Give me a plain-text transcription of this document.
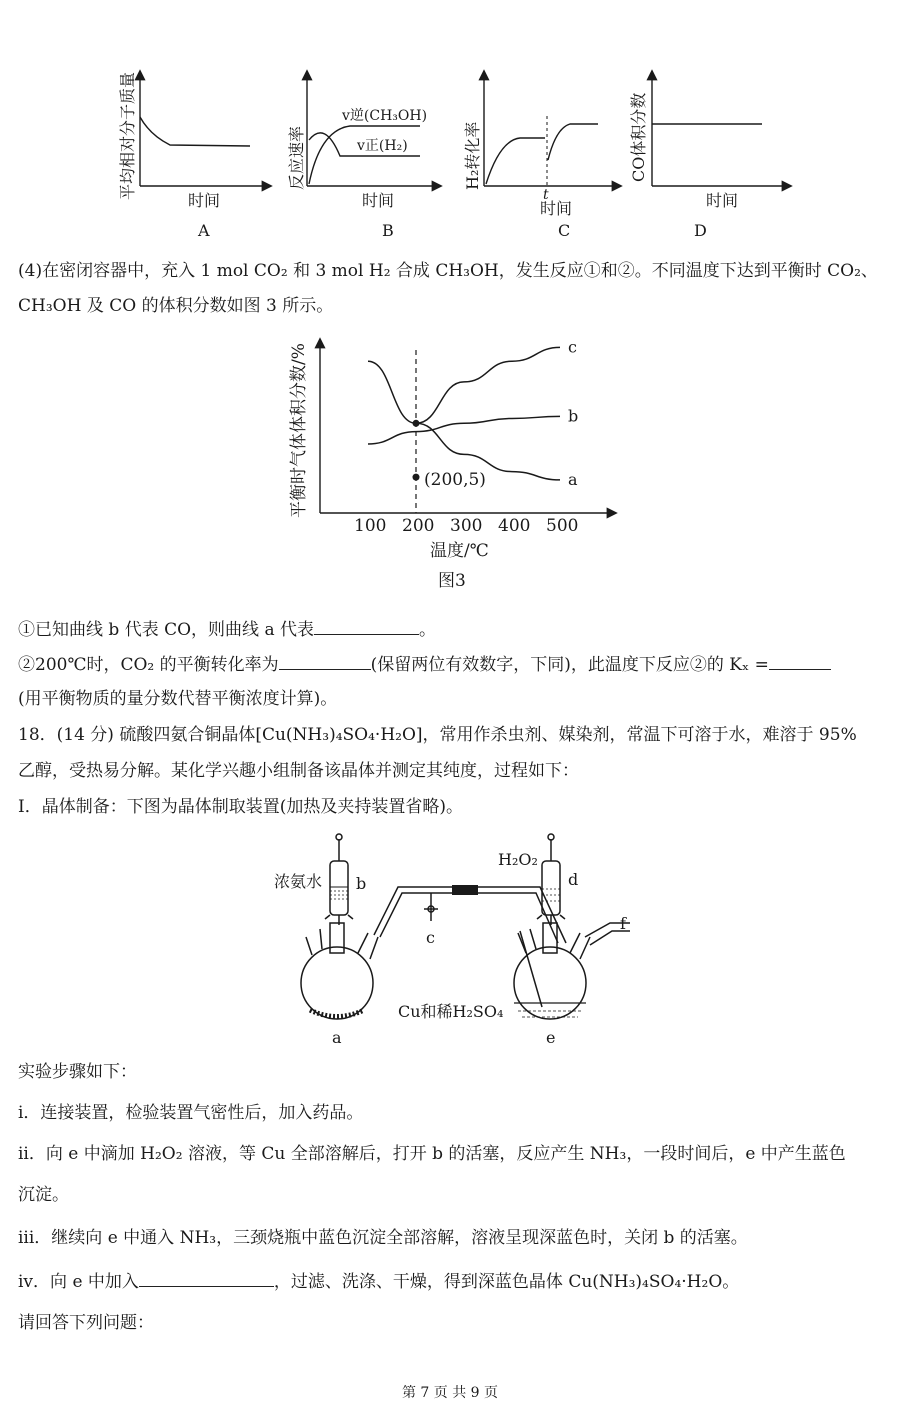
平均相对分子质量
时间
A
反应速率
v逆(CH₃OH)
v正(H₂)
时间
B
H₂转化率
t
时间
C
CO体积分数
时间
D
(4)在密闭容器中，充入 1 mol CO₂ 和 3 mol H₂ 合成 CH₃OH，发生反应①和②。不同温度下达到平衡时 CO₂、
CH₃OH 及 CO 的体积分数如图 3 所示。
100 200 300 400 500
a
b
c
(200,5)
平衡时气体体积分数/%
温度/℃
图3
①已知曲线 b 代表 CO，则曲线 a 代表	。
②200℃时，CO₂ 的平衡转化率为	(保留两位有效数字，下同)，此温度下反应②的 Kₓ =
(用平衡物质的量分数代替平衡浓度计算)。
18．(14 分) 硫酸四氨合铜晶体[Cu(NH₃)₄SO₄·H₂O]，常用作杀虫剂、媒染剂，常温下可溶于水，难溶于 95%
乙醇，受热易分解。某化学兴趣小组制备该晶体并测定其纯度，过程如下：
I．晶体制备：下图为晶体制取装置(加热及夹持装置省略)。
浓氨水 b
c
H₂O₂
d
f
Cu和稀H₂SO₄
a	e
实验步骤如下：
i．连接装置，检验装置气密性后，加入药品。
ii．向 e 中滴加 H₂O₂ 溶液，等 Cu 全部溶解后，打开 b 的活塞，反应产生 NH₃，一段时间后，e 中产生蓝色
沉淀。
iii．继续向 e 中通入 NH₃，三颈烧瓶中蓝色沉淀全部溶解，溶液呈现深蓝色时，关闭 b 的活塞。
iv．向 e 中加入	，过滤、洗涤、干燥，得到深蓝色晶体 Cu(NH₃)₄SO₄·H₂O。
请回答下列问题：
第 7 页 共 9 页
